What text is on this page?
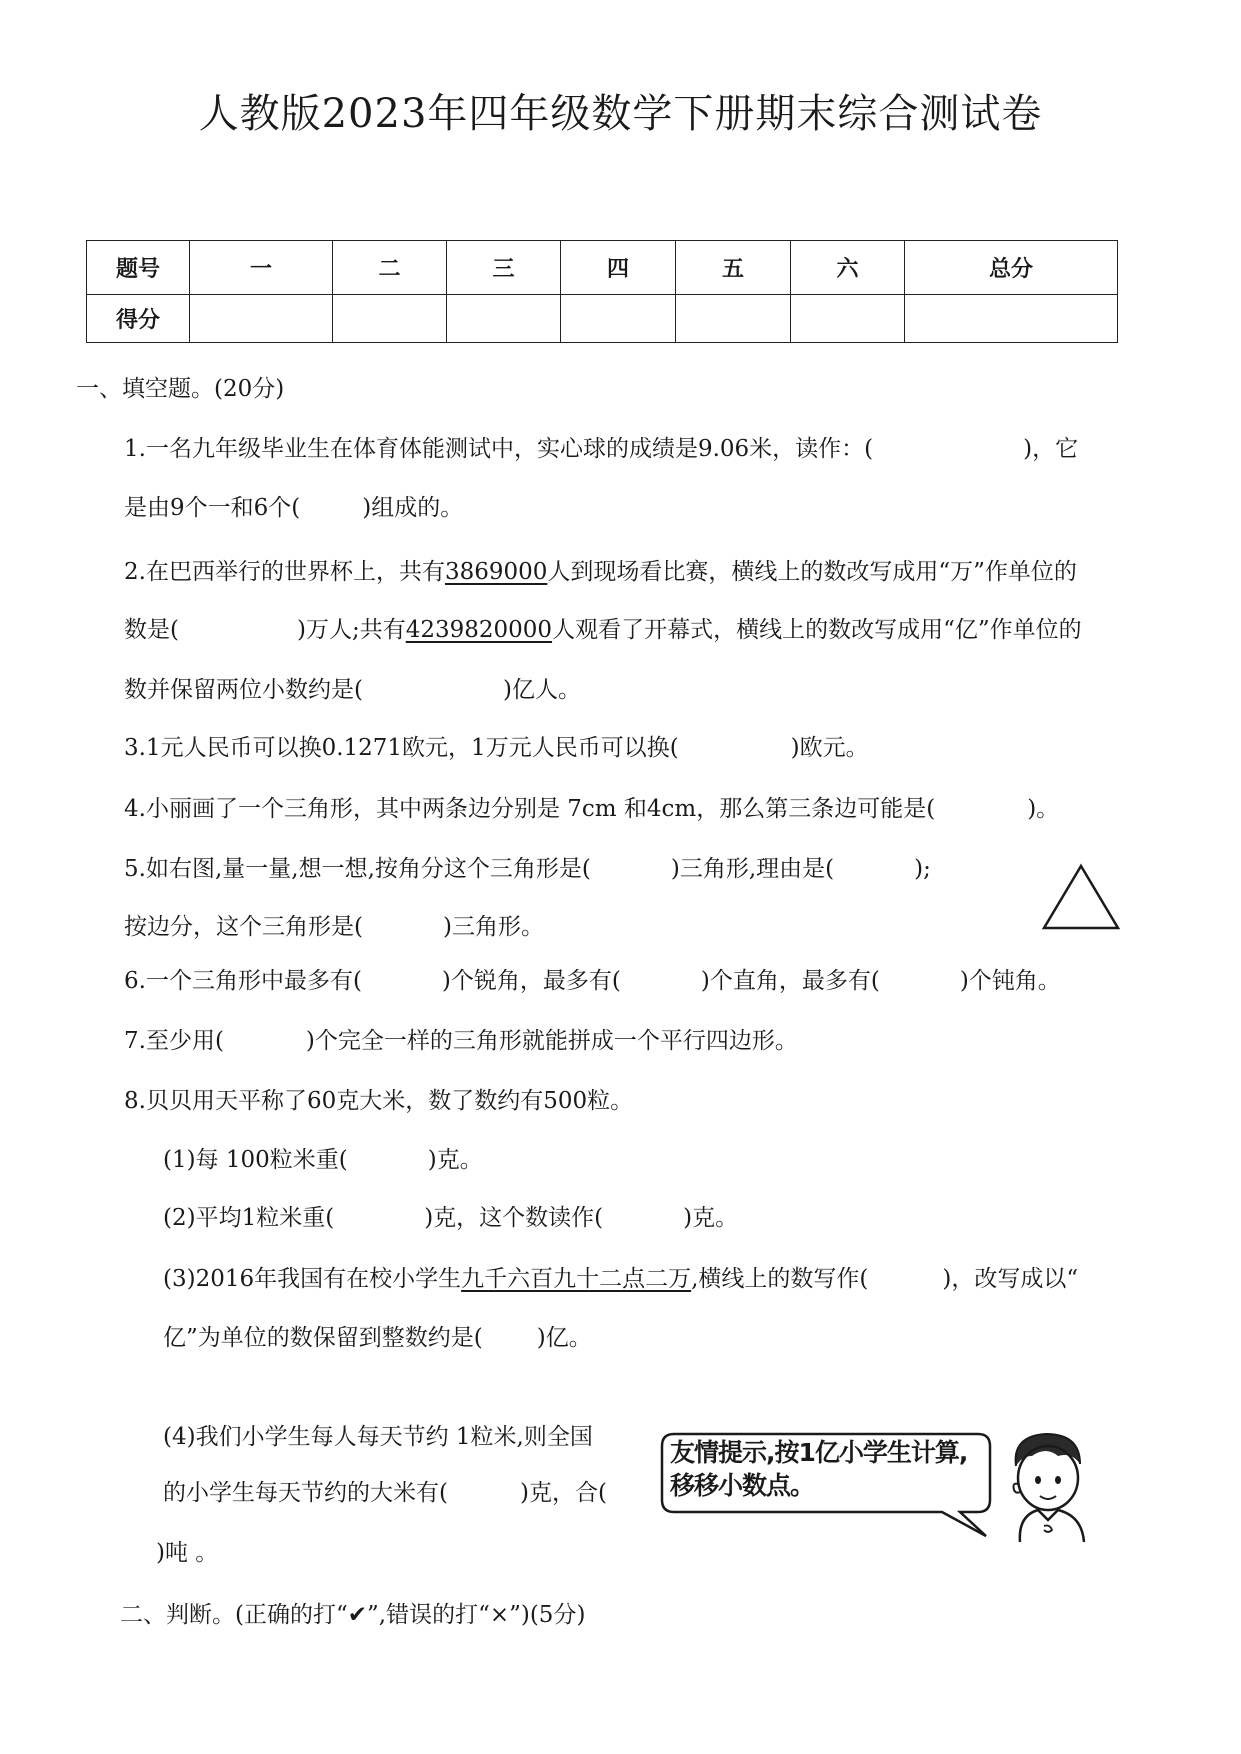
人教版2023年四年级数学下册期末综合测试卷
题号	一	二	三	四	五	六	总分
得分							
一、填空题。(20分)
1.一名九年级毕业生在体育体能测试中，实心球的成绩是9.06米，读作：(	)，它
是由9个一和6个(	)组成的。
2.在巴西举行的世界杯上，共有3869000人到现场看比赛，横线上的数改写成用“万”作单位的
数是(	)万人;共有4239820000人观看了开幕式，横线上的数改写成用“亿”作单位的
数并保留两位小数约是(	)亿人。
3.1元人民币可以换0.1271欧元，1万元人民币可以换(	)欧元。
4.小丽画了一个三角形，其中两条边分别是 7cm 和4cm，那么第三条边可能是(	)。
5.如右图,量一量,想一想,按角分这个三角形是(	)三角形,理由是(	);
按边分，这个三角形是(	)三角形。
6.一个三角形中最多有(	)个锐角，最多有(	)个直角，最多有(	)个钝角。
7.至少用(	)个完全一样的三角形就能拼成一个平行四边形。
8.贝贝用天平称了60克大米，数了数约有500粒。
(1)每 100粒米重(	)克。
(2)平均1粒米重(	)克，这个数读作(	)克。
(3)2016年我国有在校小学生九千六百九十二点二万,横线上的数写作(	)，改写成以“
亿”为单位的数保留到整数约是( )亿。
(4)我们小学生每人每天节约 1粒米,则全国
的小学生每天节约的大米有(	)克，合(
)吨 。
友情提示,按1亿小学生计算,移移小数点。
二、判断。(正确的打“✔”,错误的打“×”)(5分)
